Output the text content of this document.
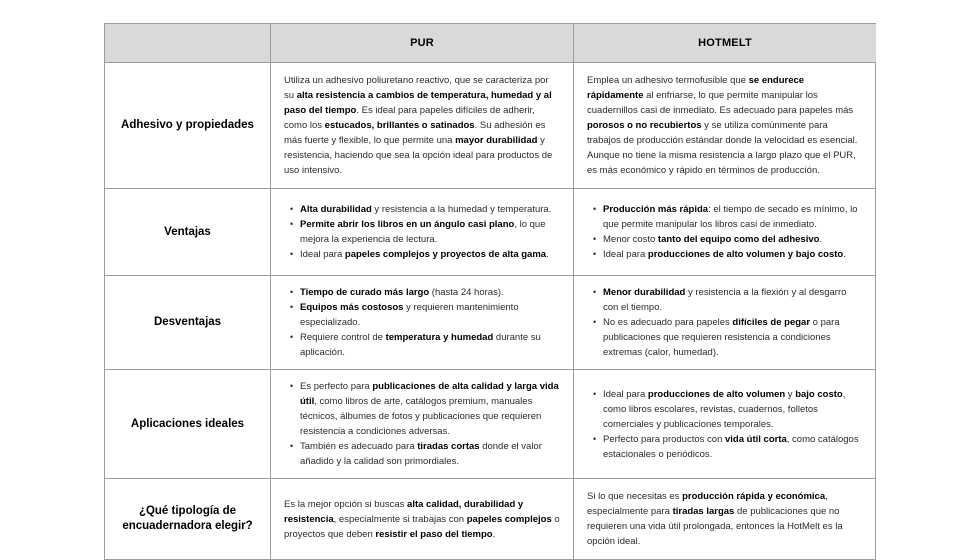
PUR	HOTMELT
Adhesivo y propiedades

Utiliza un adhesivo poliuretano reactivo, que se caracteriza por su alta resistencia a cambios de temperatura, humedad y al paso del tiempo. Es ideal para papeles difíciles de adherir, como los estucados, brillantes o satinados. Su adhesión es más fuerte y flexible, lo que permite una mayor durabilidad y resistencia, haciendo que sea la opción ideal para productos de uso intensivo.

Emplea un adhesivo termofusible que se endurece rápidamente al enfriarse, lo que permite manipular los cuadernillos casi de inmediato. Es adecuado para papeles más porosos o no recubiertos y se utiliza comúnmente para trabajos de producción estándar donde la velocidad es esencial. Aunque no tiene la misma resistencia a largo plazo que el PUR, es más económico y rápido en términos de producción.

Ventajas
• Alta durabilidad y resistencia a la humedad y temperatura.
• Permite abrir los libros en un ángulo casi plano, lo que mejora la experiencia de lectura.
• Ideal para papeles complejos y proyectos de alta gama.
• Producción más rápida: el tiempo de secado es mínimo, lo que permite manipular los libros casi de inmediato.
• Menor costo tanto del equipo como del adhesivo.
• Ideal para producciones de alto volumen y bajo costo.
Desventajas
• Tiempo de curado más largo (hasta 24 horas).
• Equipos más costosos y requieren mantenimiento especializado.
• Requiere control de temperatura y humedad durante su aplicación.
• Menor durabilidad y resistencia a la flexión y al desgarro con el tiempo.
• No es adecuado para papeles difíciles de pegar o para publicaciones que requieren resistencia a condiciones extremas (calor, humedad).
Aplicaciones ideales
• Es perfecto para publicaciones de alta calidad y larga vida útil, como libros de arte, catálogos premium, manuales técnicos, álbumes de fotos y publicaciones que requieren resistencia a condiciones adversas.
• También es adecuado para tiradas cortas donde el valor añadido y la calidad son primordiales.
• Ideal para producciones de alto volumen y bajo costo, como libros escolares, revistas, cuadernos, folletos comerciales y publicaciones temporales.
• Perfecto para productos con vida útil corta, como catálogos estacionales o periódicos.
¿Qué tipología de encuadernadora elegir?

Es la mejor opción si buscas alta calidad, durabilidad y resistencia, especialmente si trabajas con papeles complejos o proyectos que deben resistir el paso del tiempo.

Si lo que necesitas es producción rápida y económica, especialmente para tiradas largas de publicaciones que no requieren una vida útil prolongada, entonces la HotMelt es la opción ideal.
